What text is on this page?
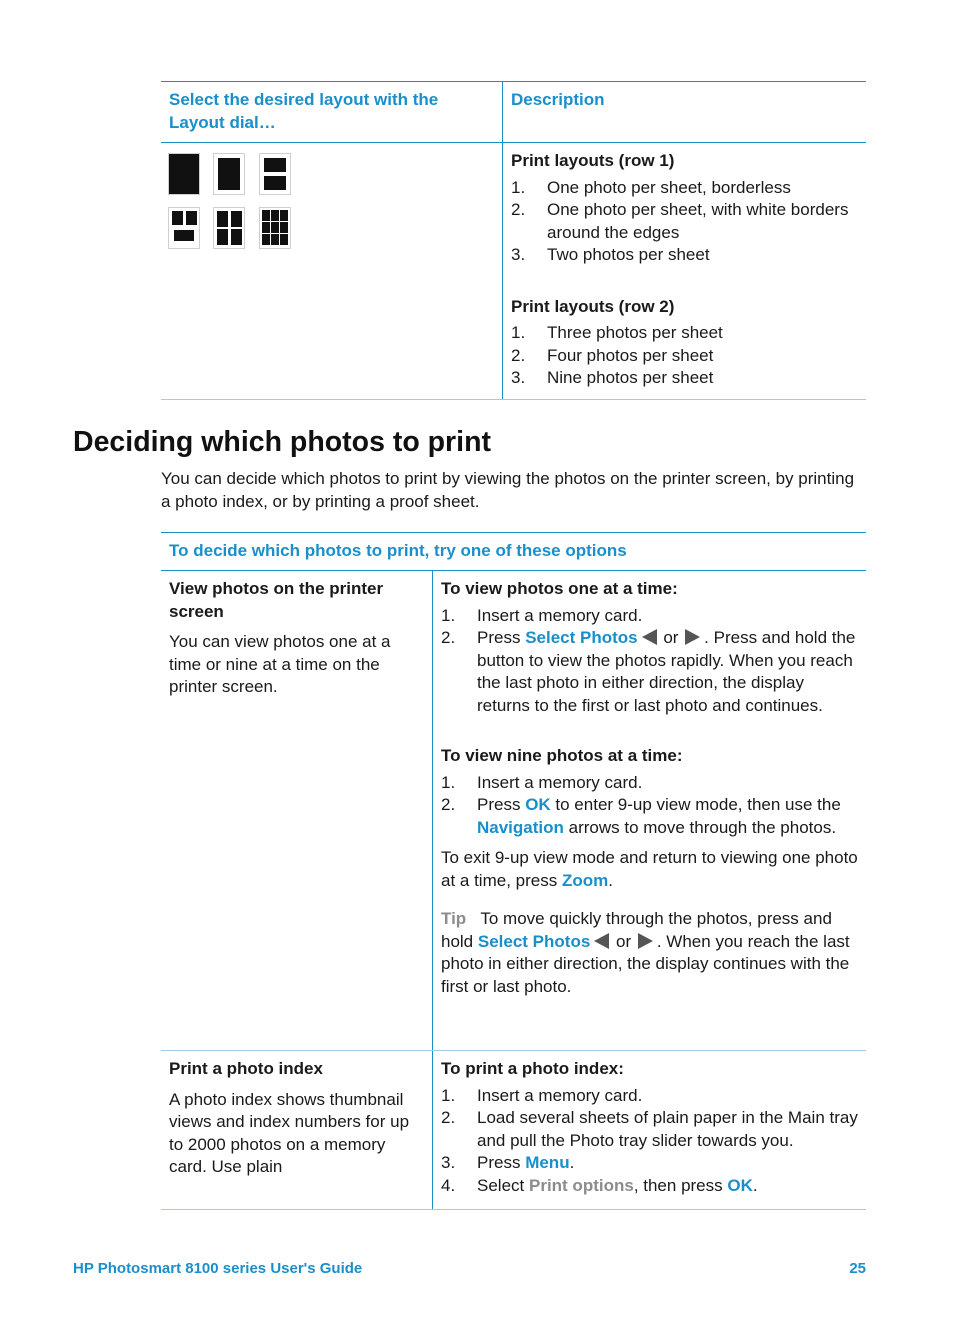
Select the desired layout with the Layout dial…
Description
Print layouts (row 1)
1. One photo per sheet, borderless
2. One photo per sheet, with white borders around the edges
3. Two photos per sheet
Print layouts (row 2)
1. Three photos per sheet
2. Four photos per sheet
3. Nine photos per sheet
Deciding which photos to print

You can decide which photos to print by viewing the photos on the printer screen, by printing a photo index, or by printing a proof sheet.

To decide which photos to print, try one of these options
View photos on the printer screen

You can view photos one at a time or nine at a time on the printer screen.

To view photos one at a time:
1. Insert a memory card.
2. Press Select Photos or . Press and hold the button to view the photos rapidly. When you reach the last photo in either direction, the display returns to the first or last photo and continues.
To view nine photos at a time:
1. Insert a memory card.
2. Press OK to enter 9-up view mode, then use the Navigation arrows to move through the photos.

To exit 9-up view mode and return to viewing one photo at a time, press Zoom.

Tip To move quickly through the photos, press and hold Select Photos or . When you reach the last photo in either direction, the display continues with the first or last photo.

Print a photo index

A photo index shows thumbnail views and index numbers for up to 2000 photos on a memory card. Use plain

To print a photo index:
1. Insert a memory card.
2. Load several sheets of plain paper in the Main tray and pull the Photo tray slider towards you.
3. Press Menu.
4. Select Print options, then press OK.
HP Photosmart 8100 series User's Guide	25
